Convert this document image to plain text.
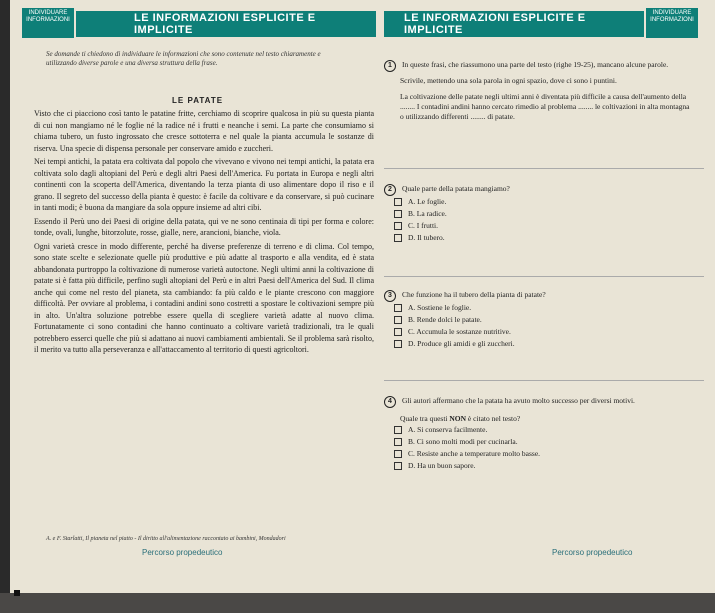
INDIVIDUARE INFORMAZIONI	LE INFORMAZIONI ESPLICITE E IMPLICITE
Se domande ti chiedono di individuare le informazioni che sono contenute nel testo chiaramente e utilizzando diverse parole e una diversa struttura della frase.
LE PATATE

Visto che ci piacciono così tanto le patatine fritte, cerchiamo di scoprire qualcosa in più su questa pianta di cui non mangiamo né le foglie né la radice né i frutti e neanche i semi. La parte che consumiamo si chiama tubero, un fusto ingrossato che cresce sottoterra e nel quale la pianta accumula le sostanze di riserva. Una specie di dispensa personale per conservare amido e zuccheri.

Nei tempi antichi, la patata era coltivata dal popolo che vivevano e vivono nei tempi antichi, la patata era coltivata solo dagli altopiani del Perù e degli altri Paesi dell'America. Fu portata in Europa e negli altri continenti con la scoperta dell'America, diventando la terza pianta di uso alimentare dopo il riso e il grano. Il segreto del successo della pianta è questo: è facile da coltivare e da conservare, si può cucinare in tanti modi; è buona da mangiare da sola oppure insieme ad altri cibi.

Essendo il Perù uno dei Paesi di origine della patata, qui ve ne sono centinaia di tipi per forma e colore: tonde, ovali, lunghe, bitorzolute, rosse, gialle, nere, arancioni, bianche, viola.

Ogni varietà cresce in modo differente, perché ha diverse preferenze di terreno e di clima. Col tempo, sono state scelte e selezionate quelle più produttive e più adatte al trasporto e alla vendita, ed è stata abbandonata purtroppo la coltivazione di numerose varietà autoctone. Negli ultimi anni la coltivazione di patate si è fatta più difficile, perfino sugli altopiani del Perù e in altri Paesi dell'America del Sud. Il clima anche qui come nel resto del pianeta, sta cambiando: fa più caldo e le piante crescono con maggiore difficoltà. Per ovviare al problema, i contadini andini sono costretti a spostare le coltivazioni sempre più in alto. Un'altra soluzione potrebbe essere quella di scegliere varietà adatte al nuovo clima. Fortunatamente ci sono contadini che hanno continuato a coltivare varietà tradizionali, tra le quali potrebbero esserci quelle che più si adattano ai nuovi cambiamenti ambientali. Se il problema sarà risolto, il merito va tutto alla perseveranza e all'attaccamento al territorio di questi agricoltori.

A. e F. Starlatti, Il pianeta nel piatto - Il diritto all'alimentazione raccontato ai bambini, Mondadori
Percorso propedeutico
LE INFORMAZIONI ESPLICITE E IMPLICITE
INDIVIDUARE INFORMAZIONI
1 In queste frasi, che riassumono una parte del testo (righe 19-25), mancano alcune parole.
Scrivile, mettendo una sola parola in ogni spazio, dove ci sono i puntini.
La coltivazione delle patate negli ultimi anni è diventata più difficile a causa dell'aumento della ........ I contadini andini hanno cercato rimedio al problema ........ le coltivazioni in alta montagna o utilizzando differenti ........ di patate.
2 Quale parte della patata mangiamo?
A. Le foglie.
B. La radice.
C. I frutti.
D. Il tubero.
3 Che funzione ha il tubero della pianta di patate?
A. Sostiene le foglie.
B. Rende dolci le patate.
C. Accumula le sostanze nutritive.
D. Produce gli amidi e gli zuccheri.
4 Gli autori affermano che la patata ha avuto molto successo per diversi motivi.
Quale tra questi NON è citato nel testo?
A. Si conserva facilmente.
B. Ci sono molti modi per cucinarla.
C. Resiste anche a temperature molto basse.
D. Ha un buon sapore.
Percorso propedeutico
